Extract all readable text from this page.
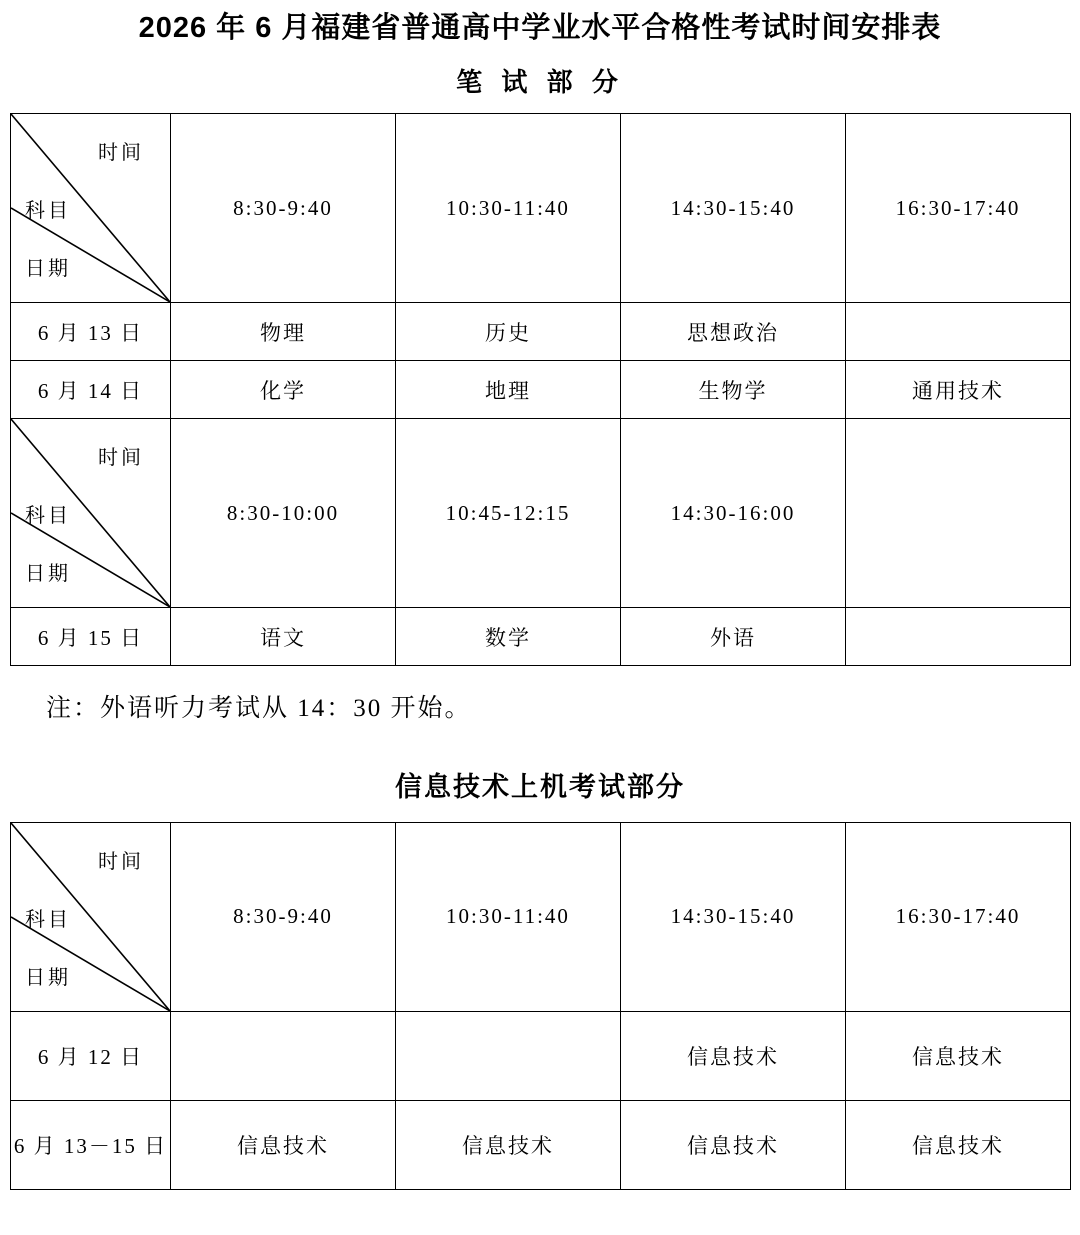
2026 年 6 月福建省普通高中学业水平合格性考试时间安排表
笔 试 部 分
时间
科目
日期	8:30-9:40	10:30-11:40	14:30-15:40	16:30-17:40
6 月 13 日	物理	历史	思想政治	
6 月 14 日	化学	地理	生物学	通用技术

时间
科目
日期	8:30-10:00	10:45-12:15	14:30-16:00	
6 月 15 日	语文	数学	外语	

注：外语听力考试从 14：30 开始。

信息技术上机考试部分
时间
科目
日期	8:30-9:40	10:30-11:40	14:30-15:40	16:30-17:40
6 月 12 日			信息技术	信息技术
6 月 13－15 日	信息技术	信息技术	信息技术	信息技术
